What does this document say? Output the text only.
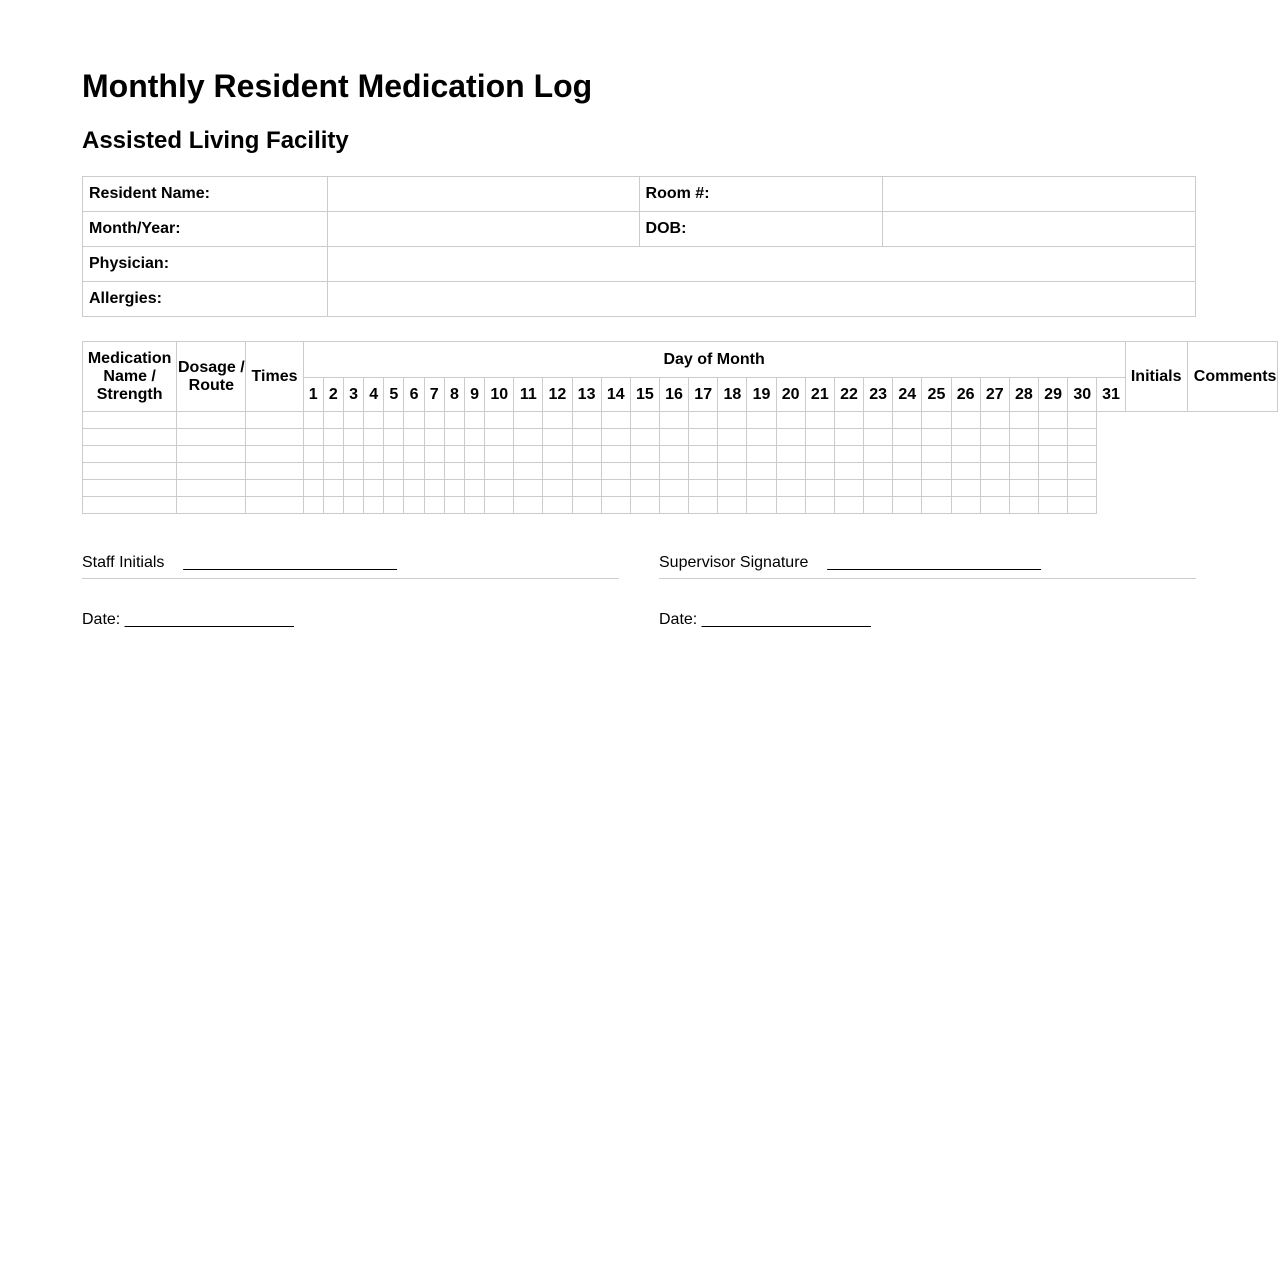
Monthly Resident Medication Log
Assisted Living Facility
Resident Name:		Room #:	
Month/Year:		DOB:	
Physician:			
Allergies:			
Medication Name / Strength	Dosage / Route	Times	Day of Month																															Initials	Comments
			1	2	3	4	5	6	7	8	9	10	11	12	13	14	15	16	17	18	19	20	21	22	23	24	25	26	27	28	29	30	31		

Staff Initials ________________________
Date: ___________________
Supervisor Signature ________________________
Date: ___________________
